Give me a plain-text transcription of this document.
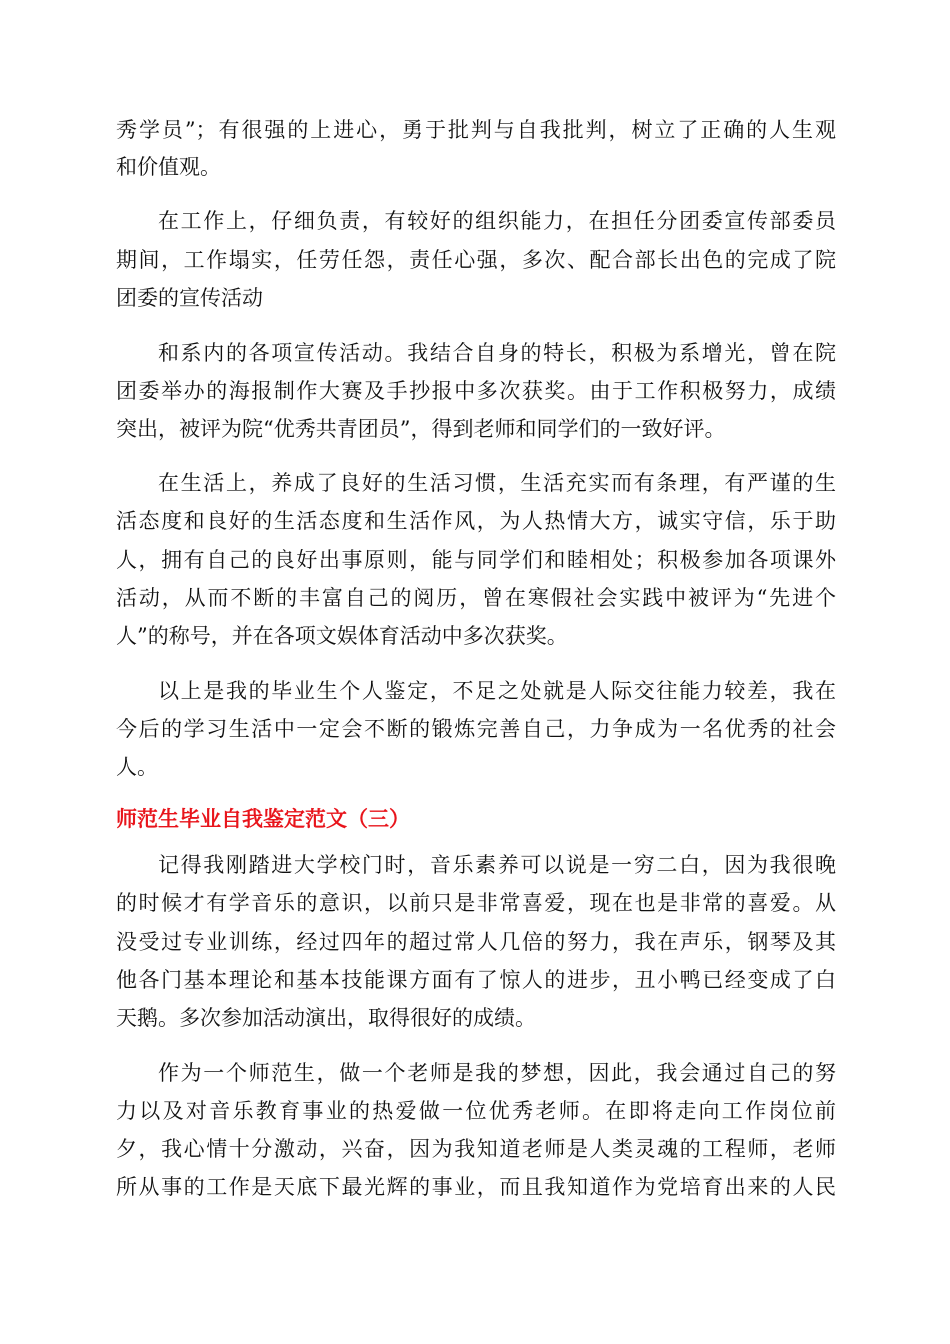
秀学员”；有很强的上进心，勇于批判与自我批判，树立了正确的人生观
和价值观。
在工作上，仔细负责，有较好的组织能力，在担任分团委宣传部委员
期间，工作塌实，任劳任怨，责任心强，多次、配合部长出色的完成了院
团委的宣传活动
和系内的各项宣传活动。我结合自身的特长，积极为系增光，曾在院
团委举办的海报制作大赛及手抄报中多次获奖。由于工作积极努力，成绩
突出，被评为院“优秀共青团员”，得到老师和同学们的一致好评。
在生活上，养成了良好的生活习惯，生活充实而有条理，有严谨的生
活态度和良好的生活态度和生活作风，为人热情大方，诚实守信，乐于助
人，拥有自己的良好出事原则，能与同学们和睦相处；积极参加各项课外
活动，从而不断的丰富自己的阅历，曾在寒假社会实践中被评为“先进个
人”的称号，并在各项文娱体育活动中多次获奖。
以上是我的毕业生个人鉴定，不足之处就是人际交往能力较差，我在
今后的学习生活中一定会不断的锻炼完善自己，力争成为一名优秀的社会
人。
师范生毕业自我鉴定范文（三）
记得我刚踏进大学校门时，音乐素养可以说是一穷二白，因为我很晚
的时候才有学音乐的意识，以前只是非常喜爱，现在也是非常的喜爱。从
没受过专业训练，经过四年的超过常人几倍的努力，我在声乐，钢琴及其
他各门基本理论和基本技能课方面有了惊人的进步，丑小鸭已经变成了白
天鹅。多次参加活动演出，取得很好的成绩。
作为一个师范生，做一个老师是我的梦想，因此，我会通过自己的努
力以及对音乐教育事业的热爱做一位优秀老师。在即将走向工作岗位前
夕，我心情十分激动，兴奋，因为我知道老师是人类灵魂的工程师，老师
所从事的工作是天底下最光辉的事业，而且我知道作为党培育出来的人民
